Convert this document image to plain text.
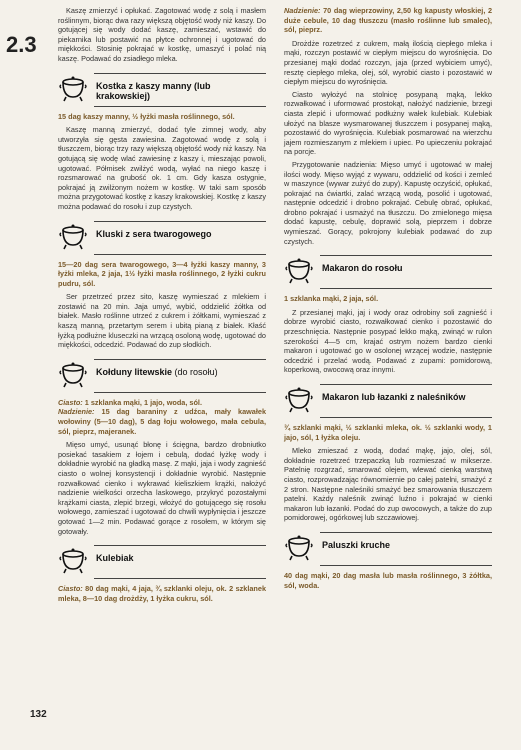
2.3

Kaszę zmierzyć i opłukać. Zagotować wodę z solą i masłem roślinnym, biorąc dwa razy większą objętość wody niż kaszy. Do gotującej się wody dodać kaszę, zamieszać, wstawić do piekarnika lub postawić na płytce ochronnej i ugotować do miękkości. Stosinię pokrajać w kostkę, umaszyć i polać nią kaszę. Podawać do zsiadłego mleka.

Kostka z kaszy manny (lub krakowskiej)

15 dag kaszy manny, ½ łyżki masła roślinnego, sól.

Kaszę manną zmierzyć, dodać tyle zimnej wody, aby utworzyła się gęsta zawiesina. Zagotować wodę z solą i tłuszczem, biorąc trzy razy większą objętość wody niż kaszy. Na gotującą się wodę wlać zawiesinę z kaszy i, mieszając powoli, ugotować. Półmisek zwilżyć wodą, wyłać na niego kaszę i rozsmarować na grubość ok. 1 cm. Gdy kasza ostygnie, pokrajać ją zwilżonym nożem w kostkę. W taki sam sposób można przygotować kostkę z kaszy krakowskiej. Kostkę z kaszy można podawać do rosołu i zup czystych.

Kluski z sera twarogowego

15—20 dag sera twarogowego, 3—4 łyżki kaszy manny, 3 łyżki mleka, 2 jaja, 1½ łyżki masła roślinnego, 2 łyżki cukru pudru, sól.

Ser przetrzeć przez sito, kaszę wymieszać z mlekiem i zostawić na 20 min. Jaja umyć, wybić, oddzielić żółtka od białek. Masło roślinne utrzeć z cukrem i żółtkami, wymieszać z kaszą manną, przetartym serem i ubitą pianą z białek. Kłaść łyżką podłużne kluseczki na wrzącą osoloną wodę, ugotować do miękkości, odcedzić. Podawać do zup słodkich.

Kołduny litewskie (do rosołu)

Ciasto: 1 szklanka mąki, 1 jajo, woda, sól.
Nadzienie: 15 dag baraniny z udźca, mały kawałek wołowiny (5—10 dag), 5 dag łoju wołowego, mała cebula, sól, pieprz, majeranek.

Mięso umyć, usunąć błonę i ścięgna, bardzo drobniutko posiekać tasakiem z łojem i cebulą, dodać łyżkę wody i dokładnie wyrobić na gładką masę. Z mąki, jaja i wody zagnieść ciasto o wolnej konsystencji i dokładnie wyrobić. Następnie rozwałkować cienko i wykrawać kieliszkiem krążki, nałożyć nadzienie wielkości orzecha laskowego, przykryć pozostałymi krążkami ciasta, zlepić brzegi, włożyć do gotującego się rosołu wołowego, zamieszać i ugotować do chwili wypłynięcia i jeszcze gotować 1—2 min. Podawać gorące z rosołem, w którym się gotowały.

Kulebiak

Ciasto: 80 dag mąki, 4 jaja, ¾ szklanki oleju, ok. 2 szklanek mleka, 8—10 dag drożdży, 1 łyżka cukru, sól.

Nadzienie: 70 dag wieprzowiny, 2,50 kg kapusty włoskiej, 2 duże cebule, 10 dag tłuszczu (masło roślinne lub smalec), sól, pieprz.

Drożdże rozetrzeć z cukrem, małą ilością ciepłego mleka i mąki, rozczyn postawić w ciepłym miejscu do wyrośnięcia. Do przesianej mąki dodać rozczyn, jaja (przed wybiciem umyć), resztę ciepłego mleka, olej, sól, wyrobić ciasto i pozostawić w ciepłym miejscu do wyrośnięcia.

Ciasto wyłożyć na stolnicę posypaną mąką, lekko rozwałkować i uformować prostokąt, nałożyć nadzienie, brzegi ciasta zlepić i uformować podłużny wałek kulebiak. Kulebiak ułożyć na blasze wysmarowanej tłuszczem i posypanej mąką, pozostawić do wyrośnięcia. Kulebiak posmarować na wierzchu jajem rozmieszanym z mlekiem i upiec. Po upieczeniu pokrajać na porcje.

Przygotowanie nadzienia: Mięso umyć i ugotować w małej ilości wody. Mięso wyjąć z wywaru, oddzielić od kości i zemleć w maszynce (wywar zużyć do zupy). Kapustę oczyścić, opłukać, pokrajać na ćwiartki, zalać wrzącą wodą, posolić i ugotować, następnie odcedzić i drobno pokrajać. Cebulę obrać, opłukać, drobno pokrajać i usmażyć na tłuszczu. Do zmielonego mięsa dodać kapustę, cebulę, doprawić solą, pieprzem i dobrze wymieszać. Gorący, pokrojony kulebiak podawać do zup czystych.

Makaron do rosołu

1 szklanka mąki, 2 jaja, sól.

Z przesianej mąki, jaj i wody oraz odrobiny soli zagnieść i dobrze wyrobić ciasto, rozwałkować cienko i pozostawić do przeschnięcia. Następnie posypać lekko mąką, zwinąć w rulon szerokości 4—5 cm, krajać ostrym nożem bardzo cienki makaron i ugotować go w osolonej wrzącej wodzie, następnie odcedzić i przelać wodą. Podawać z zupami: pomidorową, koperkową, owocową oraz innymi.

Makaron lub łazanki z naleśników

¾ szklanki mąki, ½ szklanki mleka, ok. ½ szklanki wody, 1 jajo, sól, 1 łyżka oleju.

Mleko zmieszać z wodą, dodać mąkę, jajo, olej, sól, dokładnie rozetrzeć trzepaczką lub rozmieszać w mikserze. Patelnię rozgrzać, smarować olejem, wlewać cienką warstwą ciasto, rozprowadzając równomiernie po całej patelni, smażyć z 2 stron. Następne naleśniki smażyć bez smarowania tłuszczem patelni. Każdy naleśnik zwinąć luźno i pokrajać w cienki makaron lub łazanki. Podać do zup owocowych, a także do zup pomidorowej, ogórkowej lub szczawiowej.

Paluszki kruche

40 dag mąki, 20 dag masła lub masła roślinnego, 3 żółtka, sól, woda.

132
